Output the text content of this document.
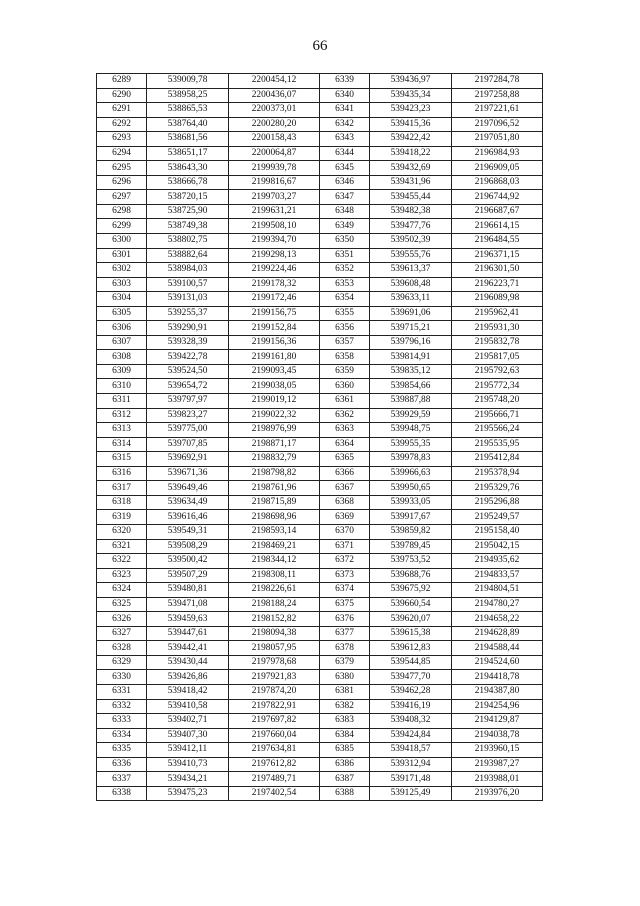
66
6289	539009,78	2200454,12	6339	539436,97	2197284,78
6290	538958,25	2200436,07	6340	539435,34	2197258,88
6291	538865,53	2200373,01	6341	539423,23	2197221,61
6292	538764,40	2200280,20	6342	539415,36	2197096,52
6293	538681,56	2200158,43	6343	539422,42	2197051,80
6294	538651,17	2200064,87	6344	539418,22	2196984,93
6295	538643,30	2199939,78	6345	539432,69	2196909,05
6296	538666,78	2199816,67	6346	539431,96	2196868,03
6297	538720,15	2199703,27	6347	539455,44	2196744,92
6298	538725,90	2199631,21	6348	539482,38	2196687,67
6299	538749,38	2199508,10	6349	539477,76	2196614,15
6300	538802,75	2199394,70	6350	539502,39	2196484,55
6301	538882,64	2199298,13	6351	539555,76	2196371,15
6302	538984,03	2199224,46	6352	539613,37	2196301,50
6303	539100,57	2199178,32	6353	539608,48	2196223,71
6304	539131,03	2199172,46	6354	539633,11	2196089,98
6305	539255,37	2199156,75	6355	539691,06	2195962,41
6306	539290,91	2199152,84	6356	539715,21	2195931,30
6307	539328,39	2199156,36	6357	539796,16	2195832,78
6308	539422,78	2199161,80	6358	539814,91	2195817,05
6309	539524,50	2199093,45	6359	539835,12	2195792,63
6310	539654,72	2199038,05	6360	539854,66	2195772,34
6311	539797,97	2199019,12	6361	539887,88	2195748,20
6312	539823,27	2199022,32	6362	539929,59	2195666,71
6313	539775,00	2198976,99	6363	539948,75	2195566,24
6314	539707,85	2198871,17	6364	539955,35	2195535,95
6315	539692,91	2198832,79	6365	539978,83	2195412,84
6316	539671,36	2198798,82	6366	539966,63	2195378,94
6317	539649,46	2198761,96	6367	539950,65	2195329,76
6318	539634,49	2198715,89	6368	539933,05	2195296,88
6319	539616,46	2198698,96	6369	539917,67	2195249,57
6320	539549,31	2198593,14	6370	539859,82	2195158,40
6321	539508,29	2198469,21	6371	539789,45	2195042,15
6322	539500,42	2198344,12	6372	539753,52	2194935,62
6323	539507,29	2198308,11	6373	539688,76	2194833,57
6324	539480,81	2198226,61	6374	539675,92	2194804,51
6325	539471,08	2198188,24	6375	539660,54	2194780,27
6326	539459,63	2198152,82	6376	539620,07	2194658,22
6327	539447,61	2198094,38	6377	539615,38	2194628,89
6328	539442,41	2198057,95	6378	539612,83	2194588,44
6329	539430,44	2197978,68	6379	539544,85	2194524,60
6330	539426,86	2197921,83	6380	539477,70	2194418,78
6331	539418,42	2197874,20	6381	539462,28	2194387,80
6332	539410,58	2197822,91	6382	539416,19	2194254,96
6333	539402,71	2197697,82	6383	539408,32	2194129,87
6334	539407,30	2197660,04	6384	539424,84	2194038,78
6335	539412,11	2197634,81	6385	539418,57	2193960,15
6336	539410,73	2197612,82	6386	539312,94	2193987,27
6337	539434,21	2197489,71	6387	539171,48	2193988,01
6338	539475,23	2197402,54	6388	539125,49	2193976,20
